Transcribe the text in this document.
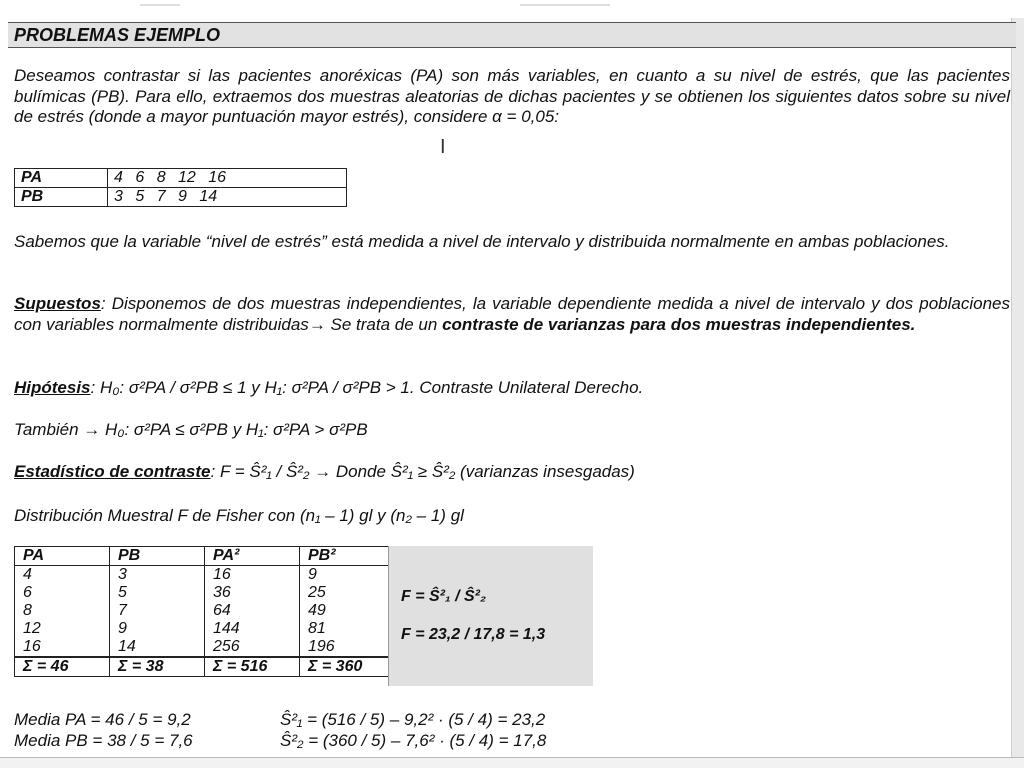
PROBLEMAS EJEMPLO
Deseamos contrastar si las pacientes anoréxicas (PA) son más variables, en cuanto a su nivel de estrés, que las pacientes bulímicas (PB). Para ello, extraemos dos muestras aleatorias de dichas pacientes y se obtienen los siguientes datos sobre su nivel de estrés (donde a mayor puntuación mayor estrés), considere α = 0,05:
I
PA	4 6 8 12 16
PB	3 5 7 9 14
Sabemos que la variable “nivel de estrés” está medida a nivel de intervalo y distribuida normalmente en ambas poblaciones.
Supuestos: Disponemos de dos muestras independientes, la variable dependiente medida a nivel de intervalo y dos poblaciones con variables normalmente distribuidas→ Se trata de un contraste de varianzas para dos muestras independientes.
Hipótesis: H₀: σ²PA / σ²PB ≤ 1 y H₁: σ²PA / σ²PB > 1. Contraste Unilateral Derecho.
También → H₀: σ²PA ≤ σ²PB y H₁: σ²PA > σ²PB
Estadístico de contraste: F = Ŝ²₁ / Ŝ²₂ → Donde Ŝ²₁ ≥ Ŝ²₂ (varianzas insesgadas)
Distribución Muestral F de Fisher con (n₁ – 1) gl y (n₂ – 1) gl
PA	PB	PA²	PB²
4	3	16	9
6	5	36	25
8	7	64	49
12	9	144	81
16	14	256	196
Σ = 46	Σ = 38	Σ = 516	Σ = 360
F = Ŝ²₁ / Ŝ²₂
F = 23,2 / 17,8 = 1,3
Media PA = 46 / 5 = 9,2
Media PB = 38 / 5 = 7,6
Ŝ²₁ = (516 / 5) – 9,2² · (5 / 4) = 23,2
Ŝ²₂ = (360 / 5) – 7,6² · (5 / 4) = 17,8
